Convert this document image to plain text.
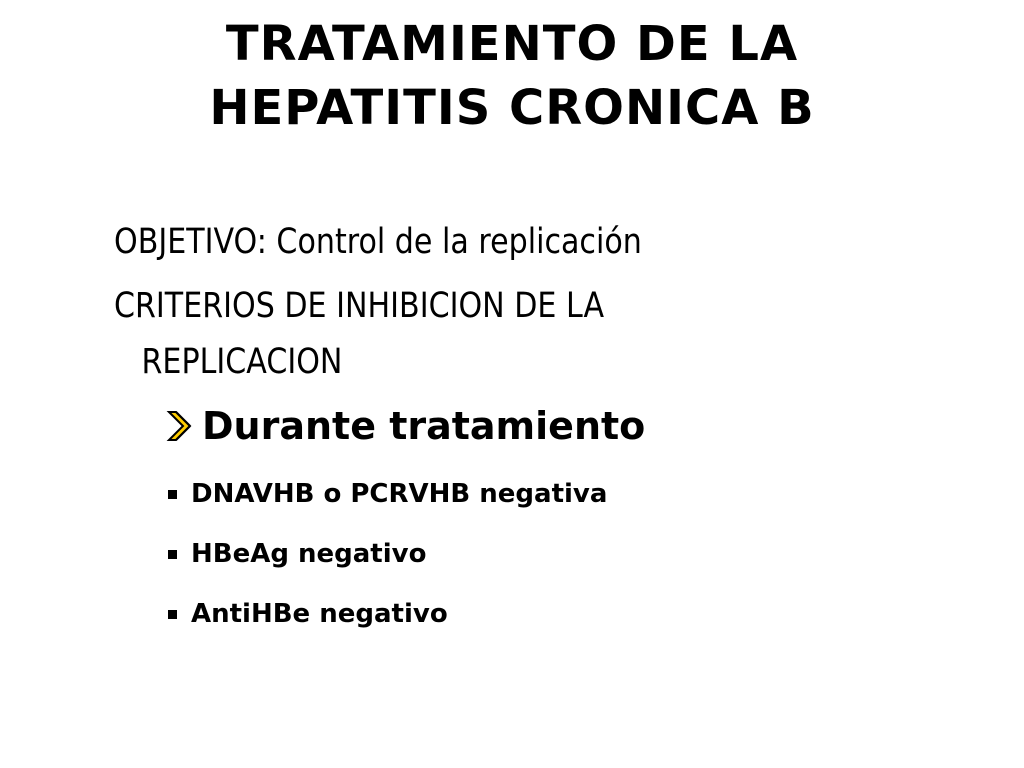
TRATAMIENTO DE LA
HEPATITIS CRONICA B

OBJETIVO: Control de la replicación

CRITERIOS DE INHIBICION DE LA
REPLICACION

Durante tratamiento
DNAVHB o PCRVHB negativa
HBeAg negativo
AntiHBe negativo
